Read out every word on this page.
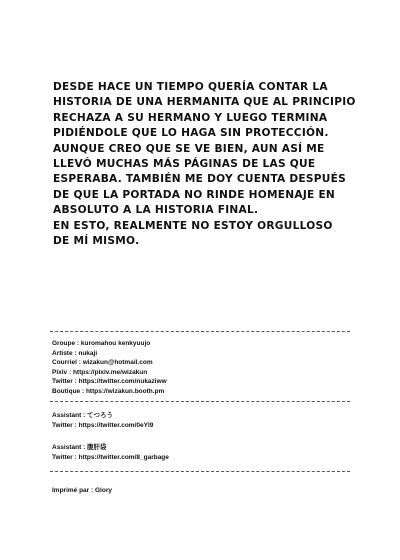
DESDE HACE UN TIEMPO QUERÍA CONTAR LA
HISTORIA DE UNA HERMANITA QUE AL PRINCIPIO
RECHAZA A SU HERMANO Y LUEGO TERMINA
PIDIÉNDOLE QUE LO HAGA SIN PROTECCIÓN.
AUNQUE CREO QUE SE VE BIEN, AUN ASÍ ME
LLEVÓ MUCHAS MÁS PÁGINAS DE LAS QUE
ESPERABA. TAMBIÉN ME DOY CUENTA DESPUÉS
DE QUE LA PORTADA NO RINDE HOMENAJE EN
ABSOLUTO A LA HISTORIA FINAL.
EN ESTO, REALMENTE NO ESTOY ORGULLOSO
DE MÍ MISMO.
Groupe : kuromahou kenkyuujo
Artiste : nukaji
Courriel : wizakun@hotmail.com
Pixiv : https://pixiv.me/wizakun
Twitter : https://twitter.com/nukaziww
Boutique : https://wizakun.booth.pm
Assistant : てつろう
Twitter : https://twitter.com/0eYl9
Assistant : 腹肝袋
Twitter : https://twitter.com/8_garbage
Imprimé par : Glory
